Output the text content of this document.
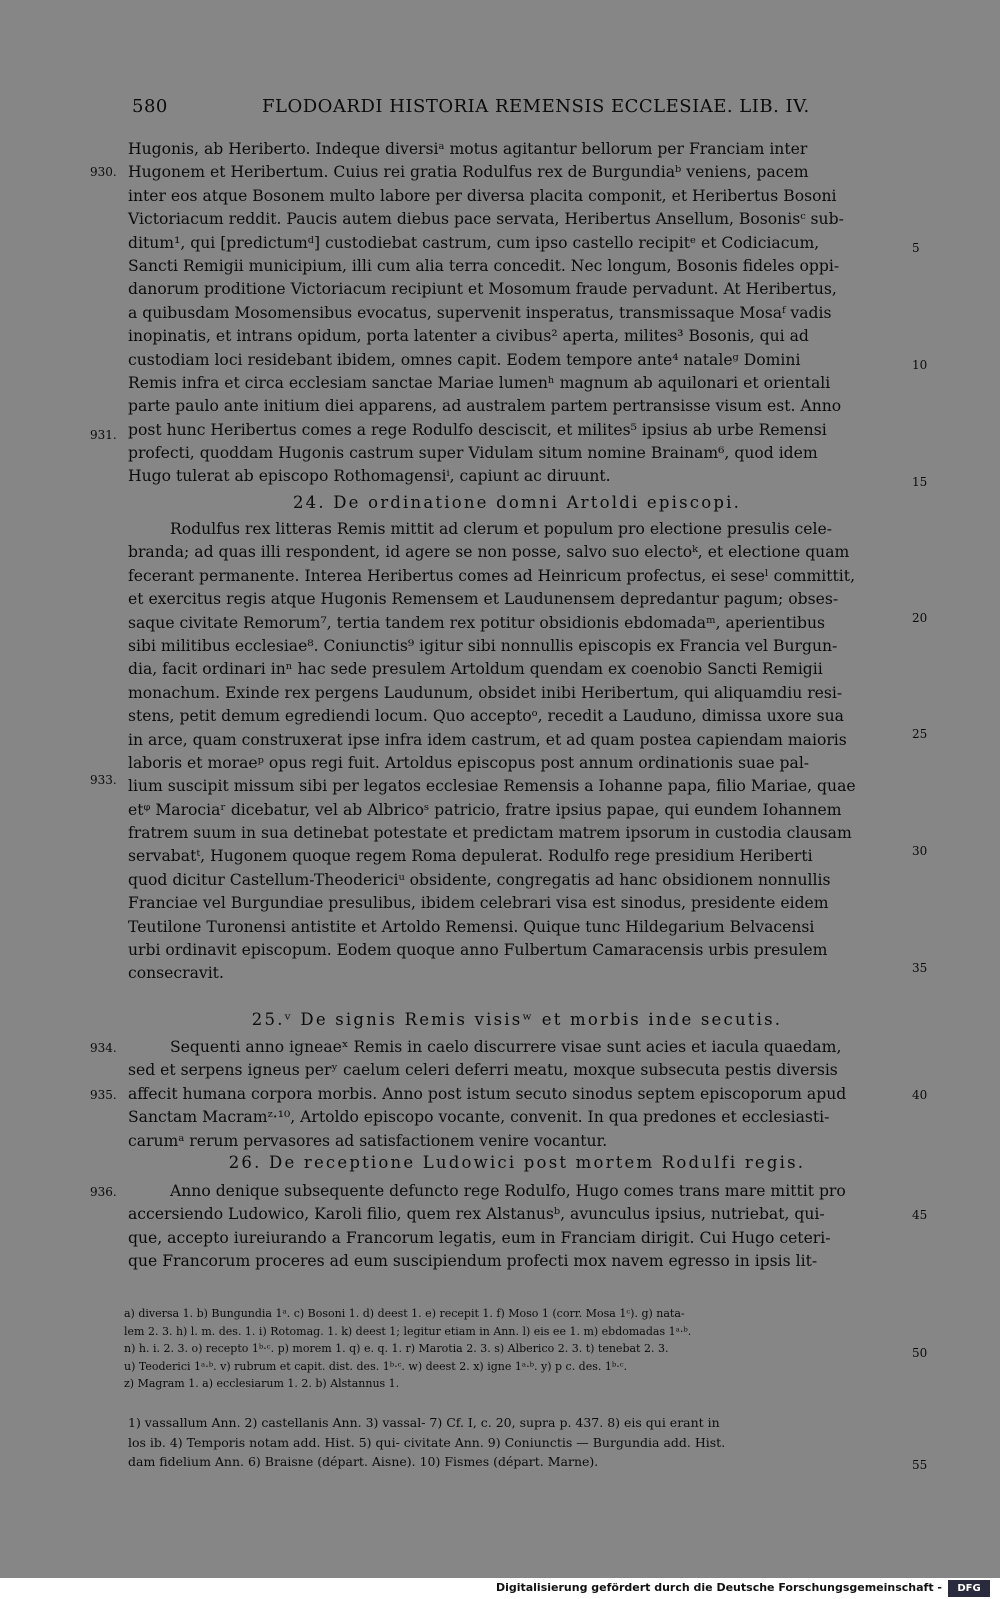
580	FLODOARDI HISTORIA REMENSIS ECCLESIAE. LIB. IV.
Hugonis, ab Heriberto. Indeque diversiᵃ motus agitantur bellorum per Franciam inter
Hugonem et Heribertum. Cuius rei gratia Rodulfus rex de Burgundiaᵇ veniens, pacem
inter eos atque Bosonem multo labore per diversa placita componit, et Heribertus Bosoni
Victoriacum reddit. Paucis autem diebus pace servata, Heribertus Ansellum, Bosonisᶜ sub-
ditum¹, qui [predictumᵈ] custodiebat castrum, cum ipso castello recipitᵉ et Codiciacum,
Sancti Remigii municipium, illi cum alia terra concedit. Nec longum, Bosonis fideles oppi-
danorum proditione Victoriacum recipiunt et Mosomum fraude pervadunt. At Heribertus,
a quibusdam Mosomensibus evocatus, supervenit insperatus, transmissaque Mosaᶠ vadis
inopinatis, et intrans opidum, porta latenter a civibus² aperta, milites³ Bosonis, qui ad
custodiam loci residebant ibidem, omnes capit. Eodem tempore ante⁴ nataleᵍ Domini
Remis infra et circa ecclesiam sanctae Mariae lumenʰ magnum ab aquilonari et orientali
parte paulo ante initium diei apparens, ad australem partem pertransisse visum est. Anno
post hunc Heribertus comes a rege Rodulfo desciscit, et milites⁵ ipsius ab urbe Remensi
profecti, quoddam Hugonis castrum super Vidulam situm nomine Brainam⁶, quod idem
Hugo tulerat ab episcopo Rothomagensiⁱ, capiunt ac diruunt.
24. De ordinatione domni Artoldi episcopi.
Rodulfus rex litteras Remis mittit ad clerum et populum pro electione presulis cele-
branda; ad quas illi respondent, id agere se non posse, salvo suo electoᵏ, et electione quam
fecerant permanente. Interea Heribertus comes ad Heinricum profectus, ei seseˡ committit,
et exercitus regis atque Hugonis Remensem et Laudunensem depredantur pagum; obses-
saque civitate Remorum⁷, tertia tandem rex potitur obsidionis ebdomadaᵐ, aperientibus
sibi militibus ecclesiae⁸. Coniunctis⁹ igitur sibi nonnullis episcopis ex Francia vel Burgun-
dia, facit ordinari inⁿ hac sede presulem Artoldum quendam ex coenobio Sancti Remigii
monachum. Exinde rex pergens Laudunum, obsidet inibi Heribertum, qui aliquamdiu resi-
stens, petit demum egrediendi locum. Quo acceptoᵒ, recedit a Lauduno, dimissa uxore sua
in arce, quam construxerat ipse infra idem castrum, et ad quam postea capiendam maioris
laboris et moraeᵖ opus regi fuit. Artoldus episcopus post annum ordinationis suae pal-
lium suscipit missum sibi per legatos ecclesiae Remensis a Iohanne papa, filio Mariae, quae
etᵠ Marociaʳ dicebatur, vel ab Albricoˢ patricio, fratre ipsius papae, qui eundem Iohannem
fratrem suum in sua detinebat potestate et predictam matrem ipsorum in custodia clausam
servabatᵗ, Hugonem quoque regem Roma depulerat. Rodulfo rege presidium Heriberti
quod dicitur Castellum-Theodericiᵘ obsidente, congregatis ad hanc obsidionem nonnullis
Franciae vel Burgundiae presulibus, ibidem celebrari visa est sinodus, presidente eidem
Teutilone Turonensi antistite et Artoldo Remensi. Quique tunc Hildegarium Belvacensi
urbi ordinavit episcopum. Eodem quoque anno Fulbertum Camaracensis urbis presulem
consecravit.
25.ᵛ De signis Remis visisʷ et morbis inde secutis.
Sequenti anno igneaeˣ Remis in caelo discurrere visae sunt acies et iacula quaedam,
sed et serpens igneus perʸ caelum celeri deferri meatu, moxque subsecuta pestis diversis
affecit humana corpora morbis. Anno post istum secuto sinodus septem episcoporum apud
Sanctam Macramᶻ·¹⁰, Artoldo episcopo vocante, convenit. In qua predones et ecclesiasti-
carumᵃ rerum pervasores ad satisfactionem venire vocantur.
26. De receptione Ludowici post mortem Rodulfi regis.
Anno denique subsequente defuncto rege Rodulfo, Hugo comes trans mare mittit pro
accersiendo Ludowico, Karoli filio, quem rex Alstanusᵇ, avunculus ipsius, nutriebat, qui-
que, accepto iureiurando a Francorum legatis, eum in Franciam dirigit. Cui Hugo ceteri-
que Francorum proceres ad eum suscipiendum profecti mox navem egresso in ipsis lit-
930.
931.
933.
934.
935.
936.
5
10
15
20
25
30
35
40
45
50
55
a) diversa 1. b) Bungundia 1ᵃ. c) Bosoni 1. d) deest 1. e) recepit 1. f) Moso 1 (corr. Mosa 1ᶜ). g) nata-
lem 2. 3. h) l. m. des. 1. i) Rotomag. 1. k) deest 1; legitur etiam in Ann. l) eis ee 1. m) ebdomadas 1ᵃ·ᵇ.
n) h. i. 2. 3. o) recepto 1ᵇ·ᶜ. p) morem 1. q) e. q. 1. r) Marotia 2. 3. s) Alberico 2. 3. t) tenebat 2. 3.
u) Teoderici 1ᵃ·ᵇ. v) rubrum et capit. dist. des. 1ᵇ·ᶜ. w) deest 2. x) igne 1ᵃ·ᵇ. y) p c. des. 1ᵇ·ᶜ.
z) Magram 1. a) ecclesiarum 1. 2. b) Alstannus 1.
1) vassallum Ann. 2) castellanis Ann. 3) vassal- 7) Cf. I, c. 20, supra p. 437. 8) eis qui erant in
los ib. 4) Temporis notam add. Hist. 5) qui- civitate Ann. 9) Coniunctis — Burgundia add. Hist.
dam fidelium Ann. 6) Braisne (départ. Aisne). 10) Fismes (départ. Marne).
Digitalisierung gefördert durch die Deutsche Forschungsgemeinschaft -	DFG
